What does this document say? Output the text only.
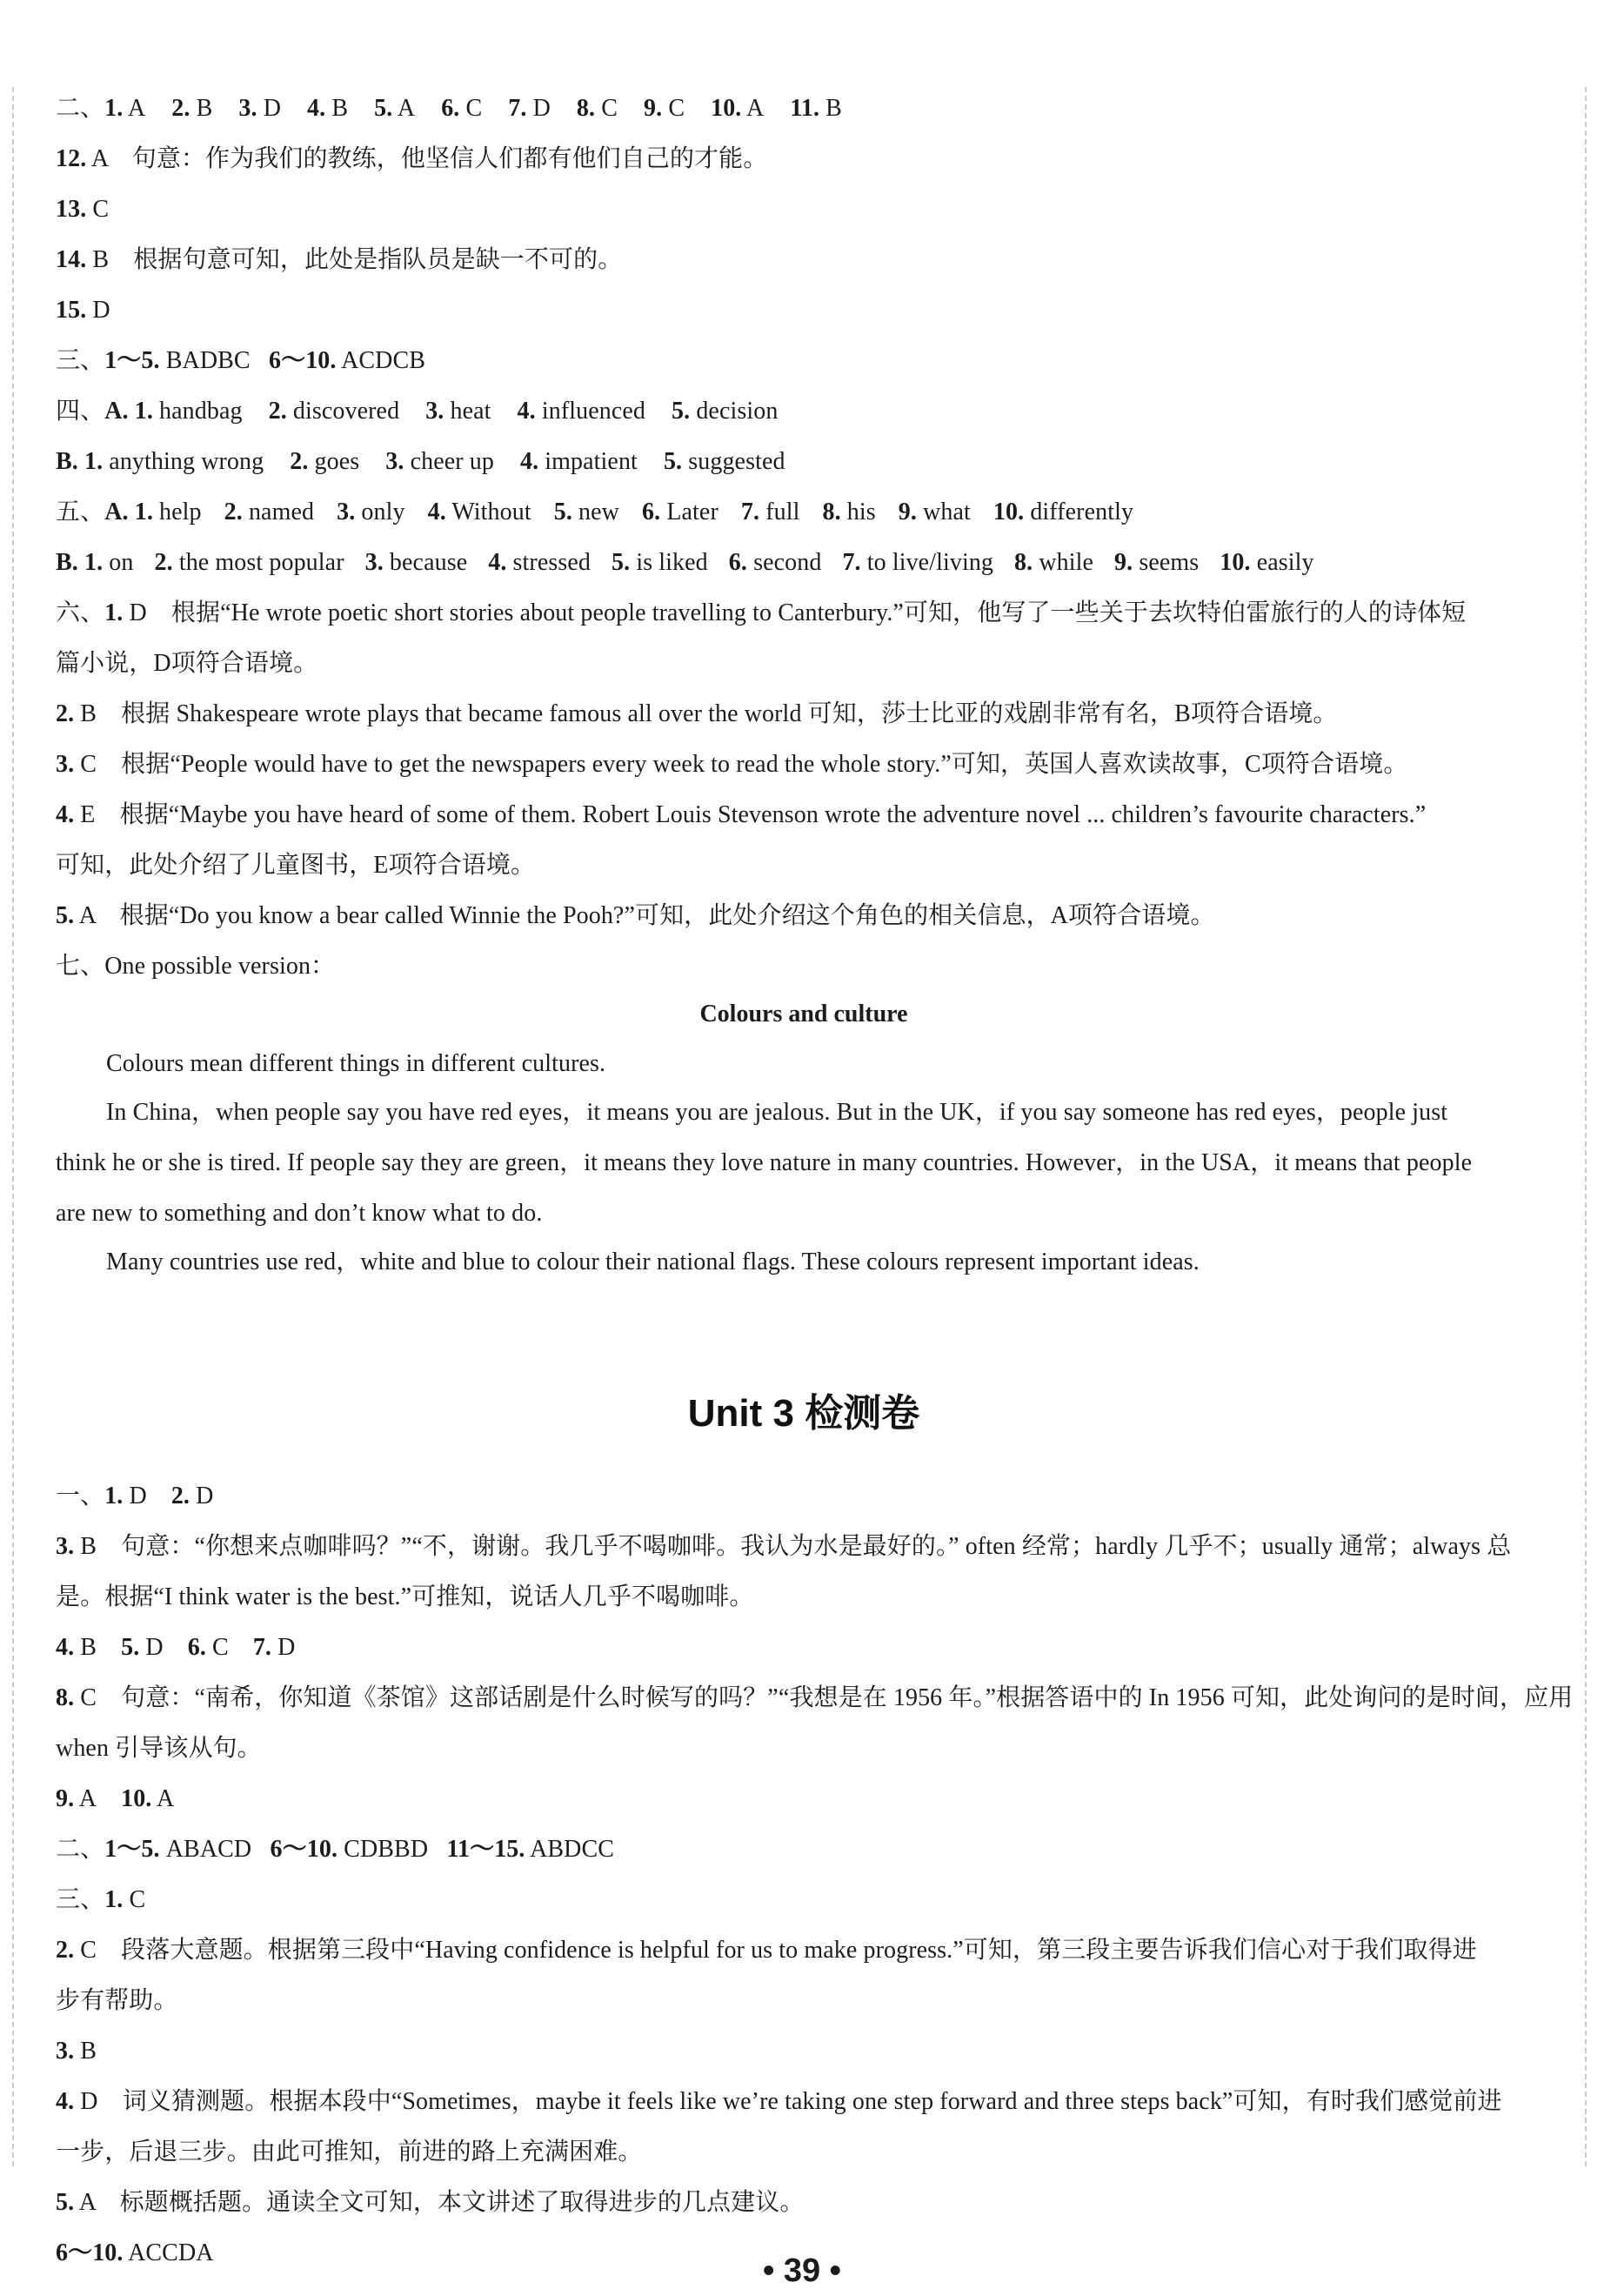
二、1. A 2. B 3. D 4. B 5. A 6. C 7. D 8. C 9. C 10. A 11. B
12. A　句意：作为我们的教练，他坚信人们都有他们自己的才能。
13. C
14. B　根据句意可知，此处是指队员是缺一不可的。
15. D
三、1～5. BADBC 6～10. ACDCB
四、A. 1. handbag 2. discovered 3. heat 4. influenced 5. decision
B. 1. anything wrong 2. goes 3. cheer up 4. impatient 5. suggested
五、A. 1. help 2. named 3. only 4. Without 5. new 6. Later 7. full 8. his 9. what 10. differently
B. 1. on 2. the most popular 3. because 4. stressed 5. is liked 6. second 7. to live/living 8. while 9. seems 10. easily
六、1. D　根据“He wrote poetic short stories about people travelling to Canterbury.”可知，他写了一些关于去坎特伯雷旅行的人的诗体短
篇小说，D项符合语境。
2. B　根据 Shakespeare wrote plays that became famous all over the world 可知，莎士比亚的戏剧非常有名，B项符合语境。
3. C　根据“People would have to get the newspapers every week to read the whole story.”可知，英国人喜欢读故事，C项符合语境。
4. E　根据“Maybe you have heard of some of them. Robert Louis Stevenson wrote the adventure novel ... children’s favourite characters.”
可知，此处介绍了儿童图书，E项符合语境。
5. A　根据“Do you know a bear called Winnie the Pooh?”可知，此处介绍这个角色的相关信息，A项符合语境。
七、One possible version：
Colours and culture
Colours mean different things in different cultures.
In China，when people say you have red eyes，it means you are jealous. But in the UK，if you say someone has red eyes，people just
think he or she is tired. If people say they are green，it means they love nature in many countries. However，in the USA，it means that people
are new to something and don’t know what to do.
Many countries use red，white and blue to colour their national flags. These colours represent important ideas.
Unit 3 检测卷
一、1. D 2. D
3. B　句意：“你想来点咖啡吗？”“不，谢谢。我几乎不喝咖啡。我认为水是最好的。” often 经常；hardly 几乎不；usually 通常；always 总
是。根据“I think water is the best.”可推知，说话人几乎不喝咖啡。
4. B 5. D 6. C 7. D
8. C　句意：“南希，你知道《茶馆》这部话剧是什么时候写的吗？”“我想是在 1956 年。”根据答语中的 In 1956 可知，此处询问的是时间，应用
when 引导该从句。
9. A 10. A
二、1～5. ABACD 6～10. CDBBD 11～15. ABDCC
三、1. C
2. C　段落大意题。根据第三段中“Having confidence is helpful for us to make progress.”可知，第三段主要告诉我们信心对于我们取得进
步有帮助。
3. B
4. D　词义猜测题。根据本段中“Sometimes，maybe it feels like we’re taking one step forward and three steps back”可知，有时我们感觉前进
一步，后退三步。由此可推知，前进的路上充满困难。
5. A　标题概括题。通读全文可知，本文讲述了取得进步的几点建议。
6～10. ACCDA	• 39 •
